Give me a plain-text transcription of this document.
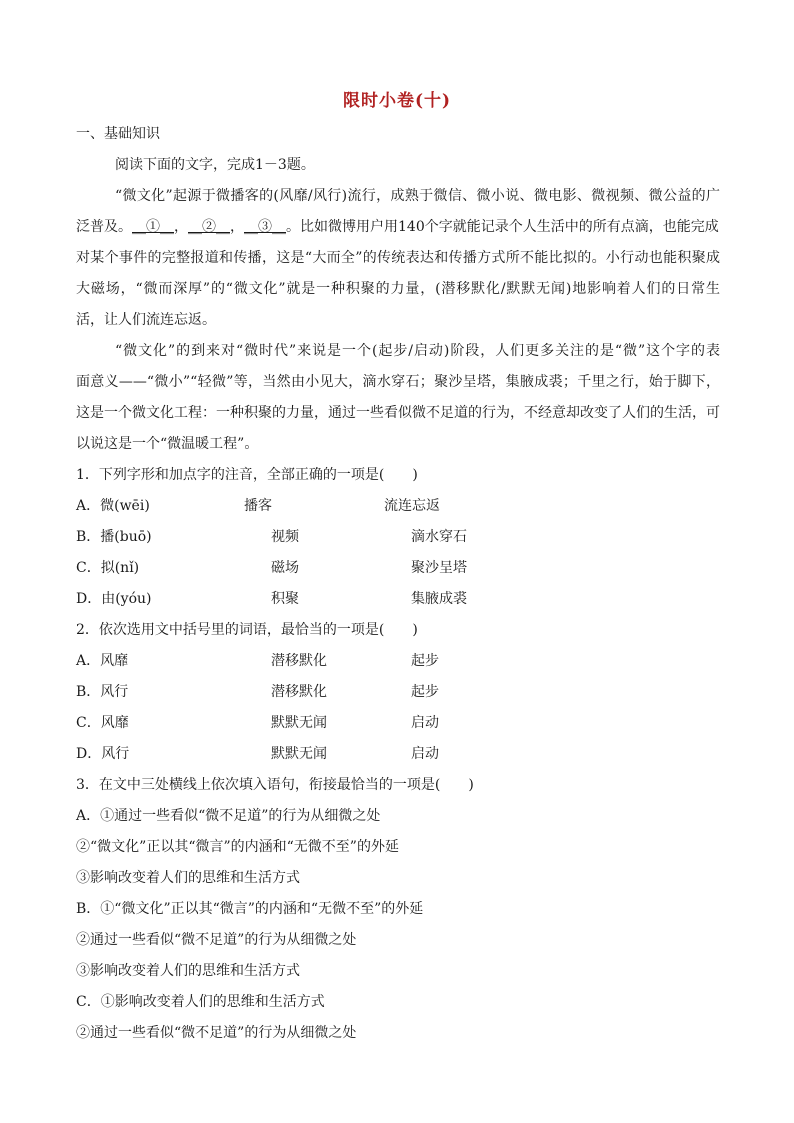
限时小卷(十)
一、基础知识
阅读下面的文字，完成1－3题。
“微文化”起源于微播客的(风靡/风行)流行，成熟于微信、微小说、微电影、微视频、微公益的广
泛普及。__①__，__②__，__③__。比如微博用户用140个字就能记录个人生活中的所有点滴，也能完成
对某个事件的完整报道和传播，这是“大而全”的传统表达和传播方式所不能比拟的。小行动也能积聚成
大磁场，“微而深厚”的“微文化”就是一种积聚的力量，(潜移默化/默默无闻)地影响着人们的日常生
活，让人们流连忘返。
“微文化”的到来对“微时代”来说是一个(起步/启动)阶段，人们更多关注的是“微”这个字的表
面意义——“微小”“轻微”等，当然由小见大，滴水穿石；聚沙呈塔，集腋成裘；千里之行，始于脚下，
这是一个微文化工程：一种积聚的力量，通过一些看似微不足道的行为，不经意却改变了人们的生活，可
以说这是一个“微温暖工程”。
1．下列字形和加点字的注音，全部正确的一项是(　　)
A．微(wēi)	播客	流连忘返
B．播(buō)	视频	滴水穿石
C．拟(nǐ)	磁场	聚沙呈塔
D．由(yóu)	积聚	集腋成裘
2．依次选用文中括号里的词语，最恰当的一项是(　　)
A．风靡	潜移默化	起步
B．风行	潜移默化	起步
C．风靡	默默无闻	启动
D．风行	默默无闻	启动
3．在文中三处横线上依次填入语句，衔接最恰当的一项是(　　)
A．①通过一些看似“微不足道”的行为从细微之处
②“微文化”正以其“微言”的内涵和“无微不至”的外延
③影响改变着人们的思维和生活方式
B．①“微文化”正以其“微言”的内涵和“无微不至”的外延
②通过一些看似“微不足道”的行为从细微之处
③影响改变着人们的思维和生活方式
C．①影响改变着人们的思维和生活方式
②通过一些看似“微不足道”的行为从细微之处
